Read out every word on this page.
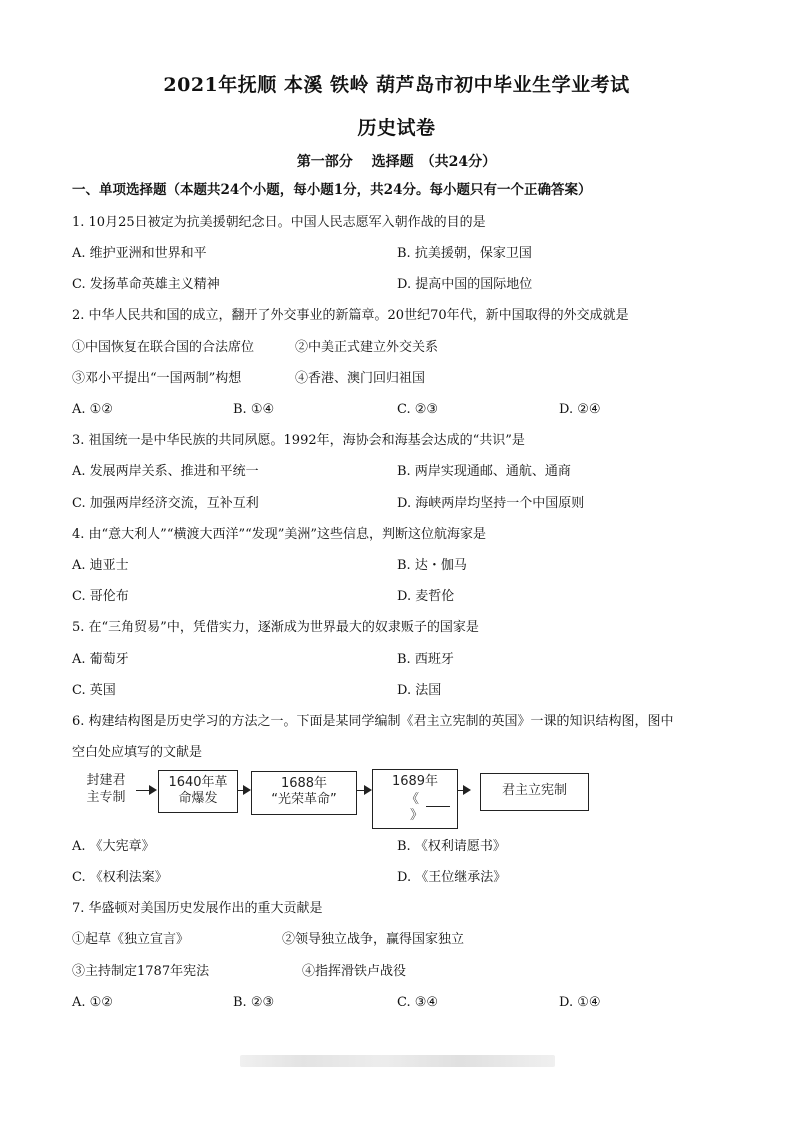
2021年抚顺 本溪 铁岭 葫芦岛市初中毕业生学业考试
历史试卷
第一部分　 选择题　（共24分）
一、单项选择题（本题共24个小题，每小题1分，共24分。每小题只有一个正确答案）
1. 10月25日被定为抗美援朝纪念日。中国人民志愿军入朝作战的目的是
A. 维护亚洲和世界和平	B. 抗美援朝，保家卫国
C. 发扬革命英雄主义精神	D. 提高中国的国际地位
2. 中华人民共和国的成立，翻开了外交事业的新篇章。20世纪70年代，新中国取得的外交成就是
①中国恢复在联合国的合法席位	②中美正式建立外交关系
③邓小平提出“一国两制”构想	④香港、澳门回归祖国
A. ①②	B. ①④	C. ②③	D. ②④
3. 祖国统一是中华民族的共同夙愿。1992年，海协会和海基会达成的“共识”是
A. 发展两岸关系、推进和平统一	B. 两岸实现通邮、通航、通商
C. 加强两岸经济交流，互补互利	D. 海峡两岸均坚持一个中国原则
4. 由“意大利人”“横渡大西洋”“发现”美洲”这些信息，判断这位航海家是
A. 迪亚士	B. 达・伽马
C. 哥伦布	D. 麦哲伦
5. 在“三角贸易”中，凭借实力，逐渐成为世界最大的奴隶贩子的国家是
A. 葡萄牙	B. 西班牙
C. 英国	D. 法国
6. 构建结构图是历史学习的方法之一。下面是某同学编制《君主立宪制的英国》一课的知识结构图，图中
空白处应填写的文献是
封建君
主专制
1640年革
命爆发
1688年
“光荣革命”
1689年
《
》
君主立宪制
A. 《大宪章》	B. 《权利请愿书》
C. 《权利法案》	D. 《王位继承法》
7. 华盛顿对美国历史发展作出的重大贡献是
①起草《独立宣言》	②领导独立战争，赢得国家独立
③主持制定1787年宪法	④指挥滑铁卢战役
A. ①②	B. ②③	C. ③④	D. ①④
